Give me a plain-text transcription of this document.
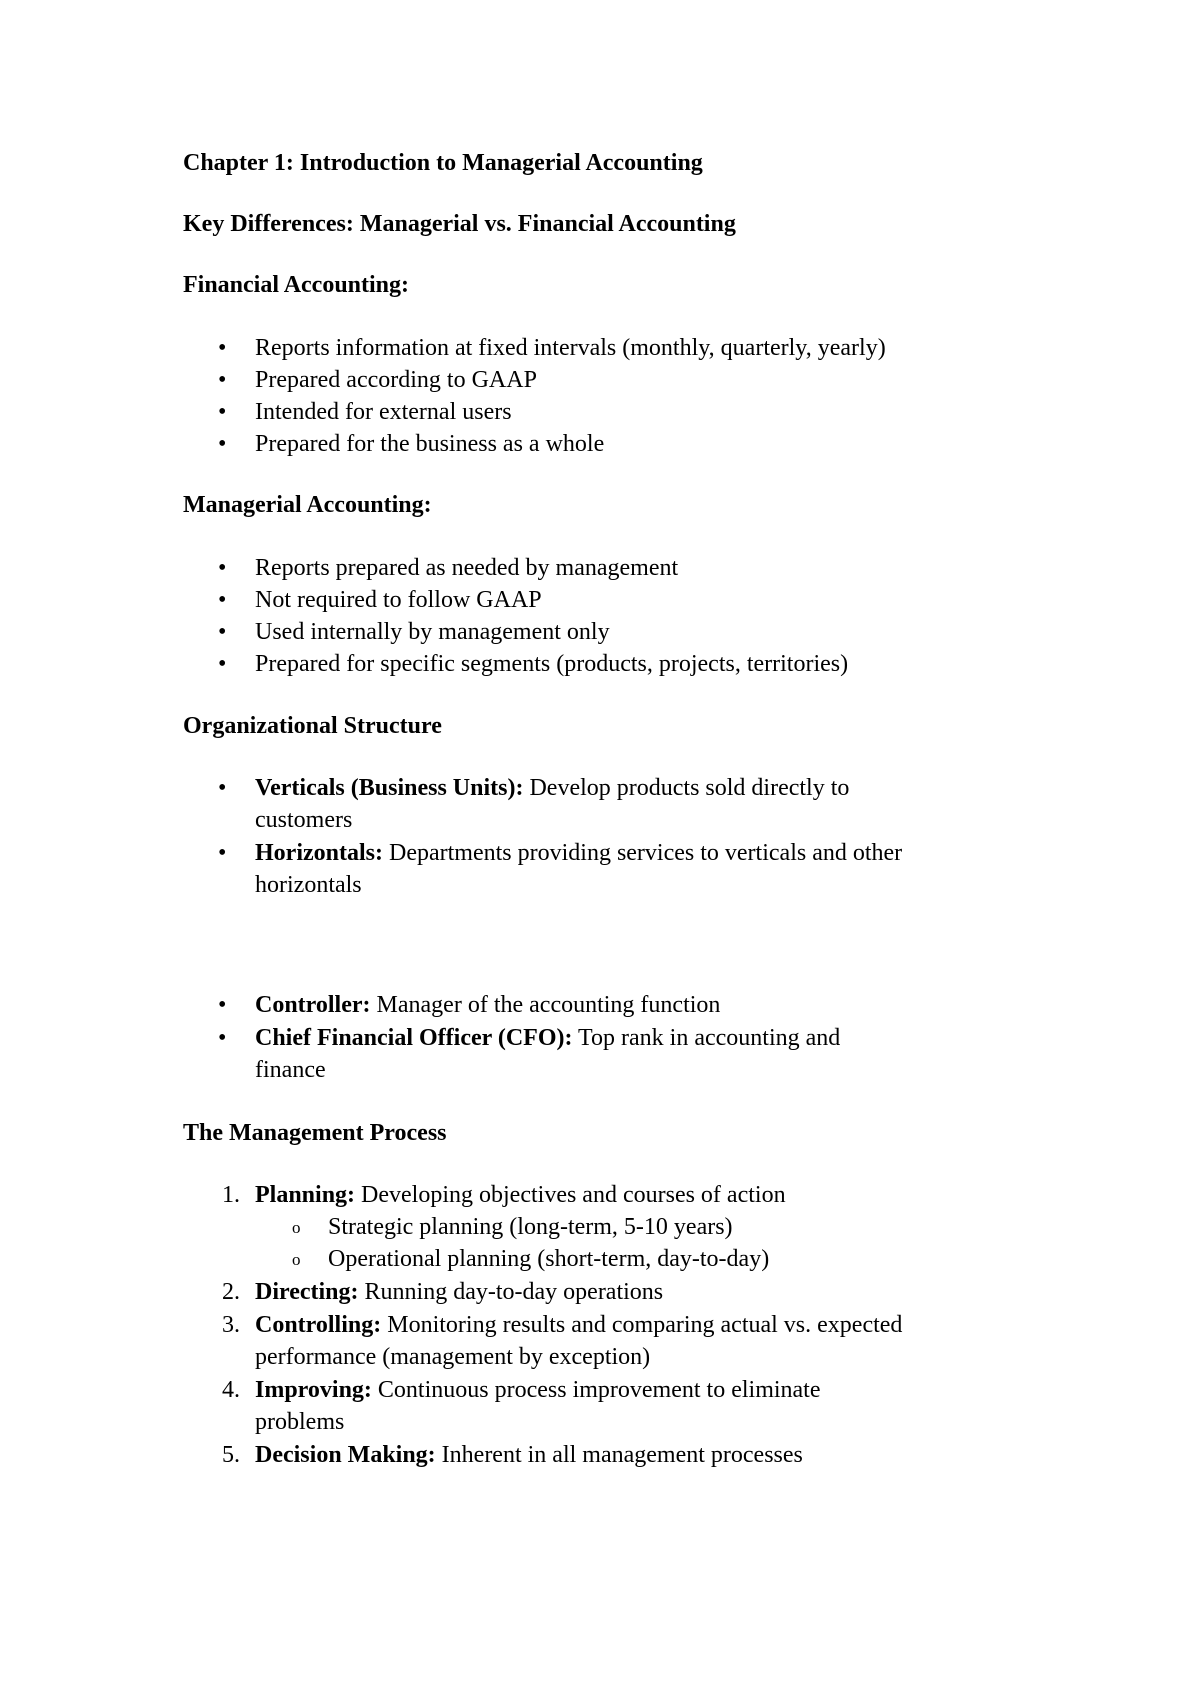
Chapter 1: Introduction to Managerial Accounting
Key Differences: Managerial vs. Financial Accounting
Financial Accounting:
• Reports information at fixed intervals (monthly, quarterly, yearly)
• Prepared according to GAAP
• Intended for external users
• Prepared for the business as a whole
Managerial Accounting:
• Reports prepared as needed by management
• Not required to follow GAAP
• Used internally by management only
• Prepared for specific segments (products, projects, territories)
Organizational Structure
• Verticals (Business Units): Develop products sold directly to
customers
• Horizontals: Departments providing services to verticals and other
horizontals
• Controller: Manager of the accounting function
• Chief Financial Officer (CFO): Top rank in accounting and
finance
The Management Process
1. Planning: Developing objectives and courses of action
o Strategic planning (long-term, 5-10 years)
o Operational planning (short-term, day-to-day)
2. Directing: Running day-to-day operations
3. Controlling: Monitoring results and comparing actual vs. expected
performance (management by exception)
4. Improving: Continuous process improvement to eliminate
problems
5. Decision Making: Inherent in all management processes
